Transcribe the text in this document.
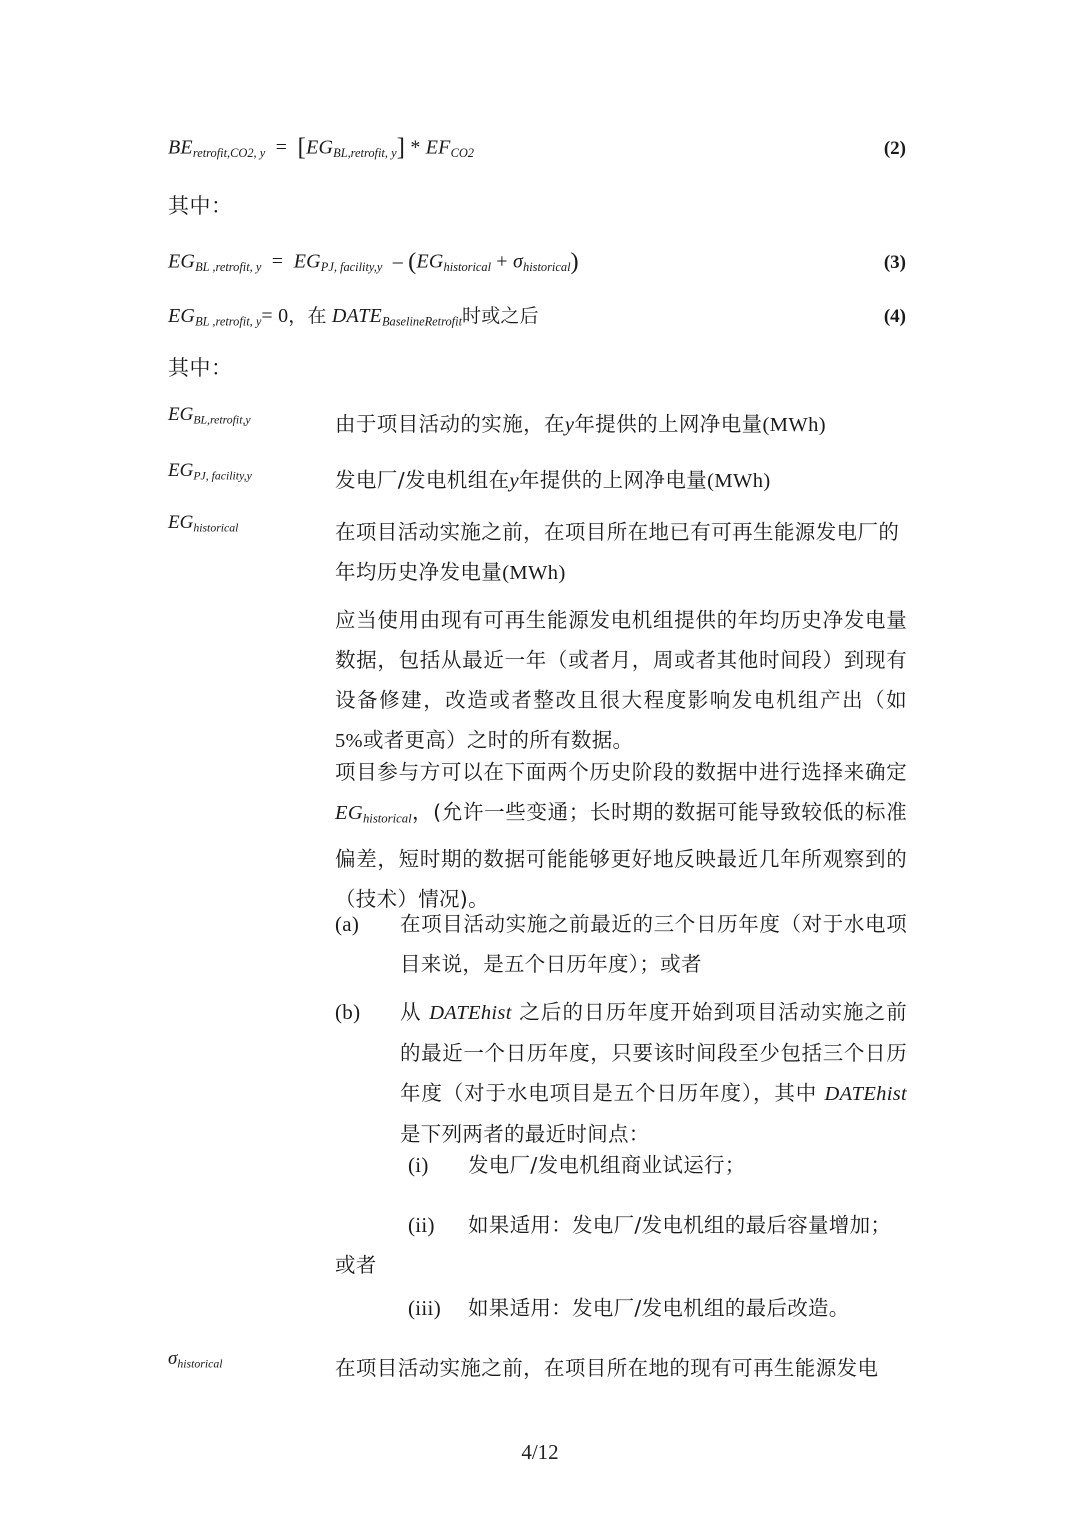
$BE_{retrofit,CO2, y} = [EG_{BL,retrofit, y}] * EF_{CO2}$	(2)
其中：
$EG_{BL ,retrofit, y} = EG_{PJ, facility,y} - (EG_{historical} + \sigma_{historical})$	(3)
$EG_{BL ,retrofit, y}= 0$，在 $DATE_{BaselineRetrofit}$时或之后	(4)
其中：
$EG_{BL,retrofit,y}$	由于项目活动的实施，在y年提供的上网净电量(MWh)
$EG_{PJ, facility,y}$	发电厂/发电机组在y年提供的上网净电量(MWh)
$EG_{historical}$	在项目活动实施之前，在项目所在地已有可再生能源发电厂的年均历史净发电量(MWh)
应当使用由现有可再生能源发电机组提供的年均历史净发电量数据，包括从最近一年（或者月，周或者其他时间段）到现有设备修建，改造或者整改且很大程度影响发电机组产出（如 5%或者更高）之时的所有数据。
项目参与方可以在下面两个历史阶段的数据中进行选择来确定 $EG_{historical}$，(允许一些变通；长时期的数据可能导致较低的标准偏差，短时期的数据可能能够更好地反映最近几年所观察到的（技术）情况)。
(a)	在项目活动实施之前最近的三个日历年度（对于水电项目来说，是五个日历年度）；或者
(b)	从 DATEhist 之后的日历年度开始到项目活动实施之前的最近一个日历年度，只要该时间段至少包括三个日历年度（对于水电项目是五个日历年度），其中 DATEhist 是下列两者的最近时间点：
(i)	发电厂/发电机组商业试运行；
(ii)	如果适用：发电厂/发电机组的最后容量增加；
或者
(iii)	如果适用：发电厂/发电机组的最后改造。
$\sigma_{historical}$	在项目活动实施之前，在项目所在地的现有可再生能源发电
4/12
